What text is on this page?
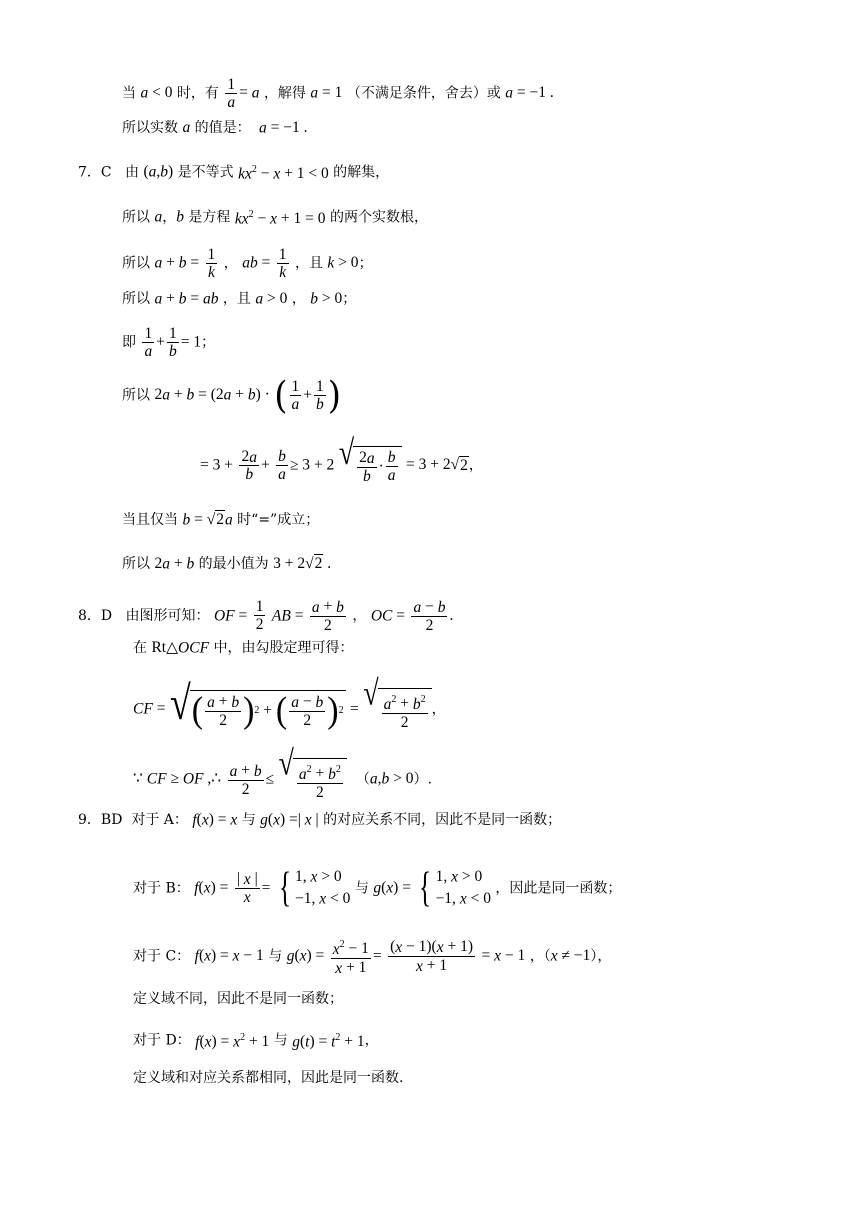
当 a < 0 时，有 $\frac{1}{a} = a$ ，解得 a = 1 （不满足条件，舍去）或 a = −1 .
所以实数 a 的值是： a = −1 .
7．C 由 (a,b) 是不等式 $kx^2 - x + 1 < 0$ 的解集，
所以 a，b 是方程 $kx^2 - x + 1 = 0$ 的两个实数根，
所以 $a + b = \frac{1}{k}$ ， ab = $\frac{1}{k}$ ，且 k > 0；
所以 a + b = ab ，且 a > 0 ， b > 0；
即 $\frac{1}{a} + \frac{1}{b} = 1$；
所以 2a + b = (2a + b) · ( $\frac{1}{a} + \frac{1}{b}$ )
= $3 + \frac{2a}{b} + \frac{b}{a} \ge 3 + 2$ √ $\frac{2a}{b} \cdot \frac{b}{a} = 3 + 2√2$，
当且仅当 b = √2a 时“=”成立；
所以 2a + b 的最小值为 3 + 2√2 .
8．D 由图形可知： OF = $\frac{1}{2}$ AB = $\frac{a + b}{2}$ ， OC = $\frac{a - b}{2}$ .
在 Rt△OCF 中，由勾股定理可得：
CF = √ ( $\frac{a + b}{2}$ ) 2 + ( $\frac{a - b}{2}$ ) 2 = √ $\frac{a^2 + b^2}{2}$ ，
∵ CF ≥ OF ,∴ $\frac{a + b}{2}$ ≤ √ $\frac{a^2 + b^2}{2} (a,b > 0)$.
9．BD 对于 A： f(x) = x 与 g(x) =| x | 的对应关系不同，因此不是同一函数；
对于 B： $f(x) = \frac{| x |}{x}$ = { 1, x > 0
−1, x < 0
与 g(x) = { 1, x > 0
−1, x < 0
，因此是同一函数；
对于 C： f(x) = x − 1 与 $g(x) = \frac{x^2 - 1}{x + 1} = \frac{(x - 1)(x + 1)}{x + 1} = x - 1$ ，（x ≠ −1），
定义域不同，因此不是同一函数；
对于 D： $f(x) = x^2 + 1$ 与 $g(t) = t^2 + 1$，
定义域和对应关系都相同，因此是同一函数.
